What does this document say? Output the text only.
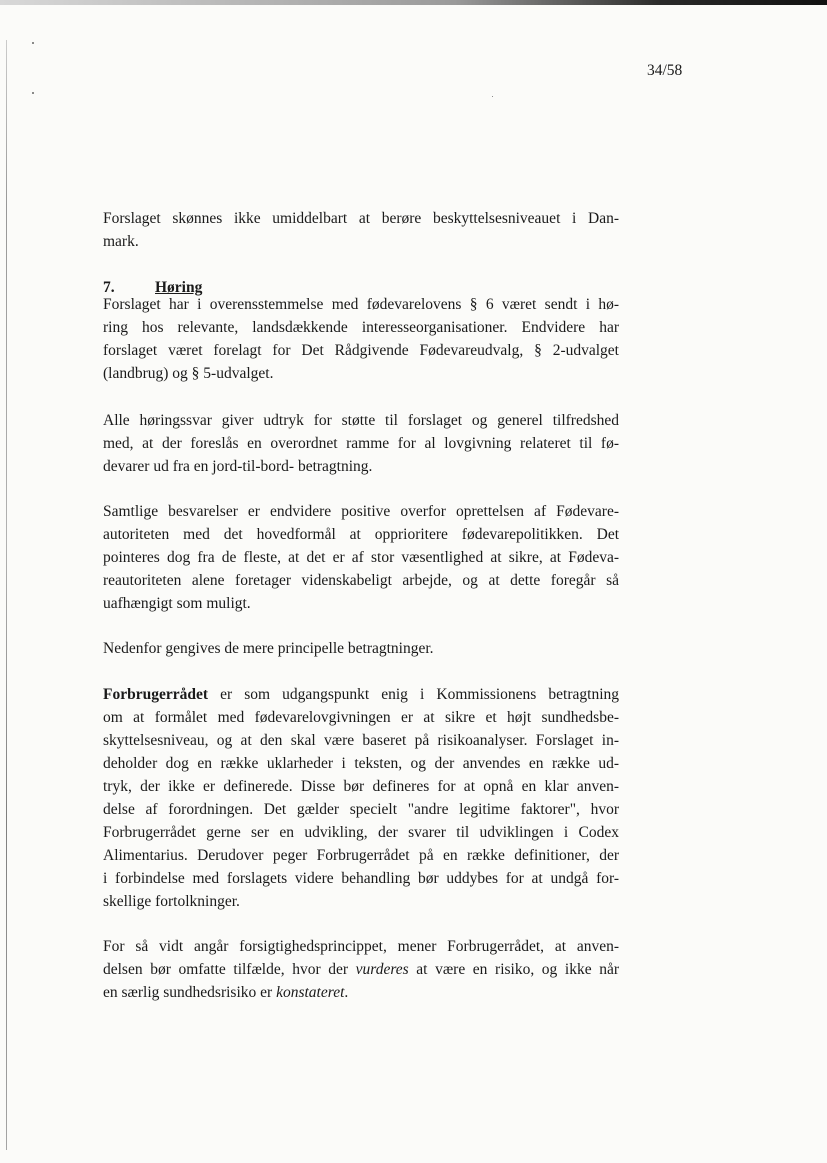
34/58
Forslaget skønnes ikke umiddelbart at berøre beskyttelsesniveauet i Dan-
mark.
7.	Høring
Forslaget har i overensstemmelse med fødevarelovens § 6 været sendt i hø-
ring hos relevante, landsdækkende interesseorganisationer. Endvidere har
forslaget været forelagt for Det Rådgivende Fødevareudvalg, § 2-udvalget
(landbrug) og § 5-udvalget.
Alle høringssvar giver udtryk for støtte til forslaget og generel tilfredshed
med, at der foreslås en overordnet ramme for al lovgivning relateret til fø-
devarer ud fra en jord-til-bord- betragtning.
Samtlige besvarelser er endvidere positive overfor oprettelsen af Fødevare-
autoriteten med det hovedformål at opprioritere fødevarepolitikken. Det
pointeres dog fra de fleste, at det er af stor væsentlighed at sikre, at Fødeva-
reautoriteten alene foretager videnskabeligt arbejde, og at dette foregår så
uafhængigt som muligt.
Nedenfor gengives de mere principelle betragtninger.
Forbrugerrådet er som udgangspunkt enig i Kommissionens betragtning
om at formålet med fødevarelovgivningen er at sikre et højt sundhedsbe-
skyttelsesniveau, og at den skal være baseret på risikoanalyser. Forslaget in-
deholder dog en række uklarheder i teksten, og der anvendes en række ud-
tryk, der ikke er definerede. Disse bør defineres for at opnå en klar anven-
delse af forordningen. Det gælder specielt "andre legitime faktorer", hvor
Forbrugerrådet gerne ser en udvikling, der svarer til udviklingen i Codex
Alimentarius. Derudover peger Forbrugerrådet på en række definitioner, der
i forbindelse med forslagets videre behandling bør uddybes for at undgå for-
skellige fortolkninger.
For så vidt angår forsigtighedsprincippet, mener Forbrugerrådet, at anven-
delsen bør omfatte tilfælde, hvor der vurderes at være en risiko, og ikke når
en særlig sundhedsrisiko er konstateret.
